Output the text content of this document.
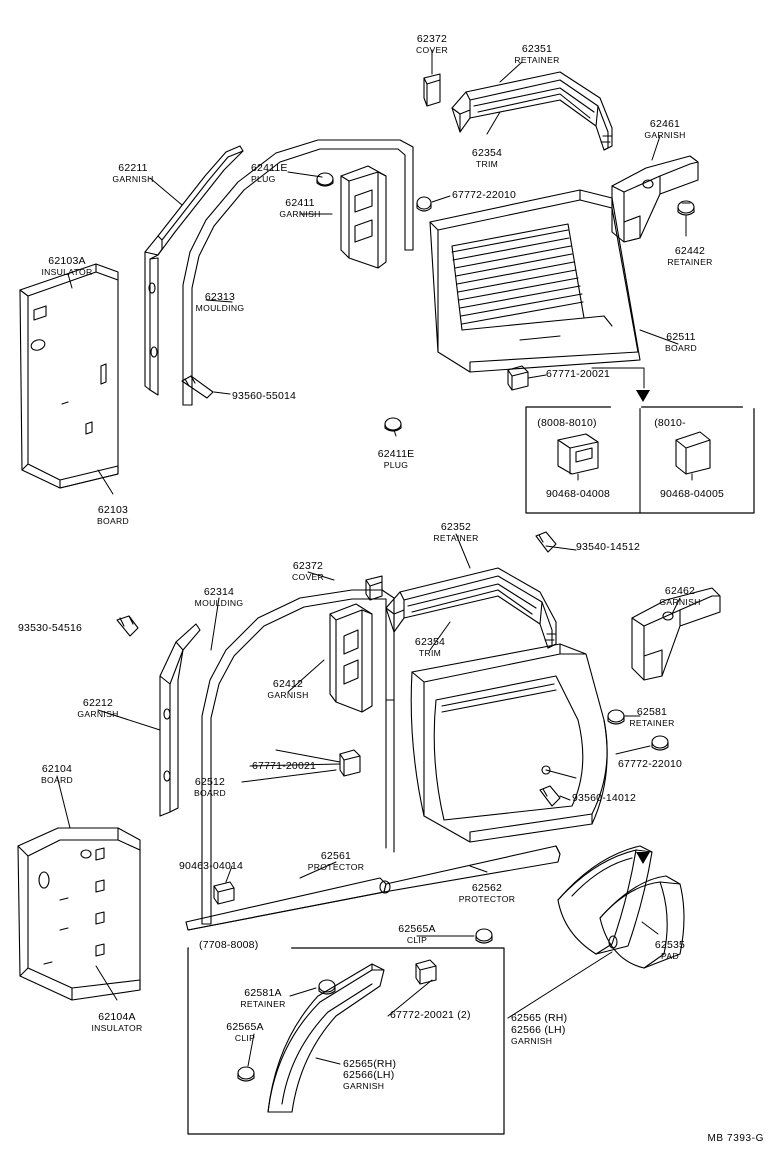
MB 7393-G
62372
COVER	62351
RETAINER
62461
GARNISH
62354
TRIM
62211
GARNISH
62411E
PLUG
62411
GARNISH
67772-22010
62442
RETAINER
62103A
INSULATOR
62313
MOULDING
62511
BOARD
93560-55014
67771-20021
62411E
PLUG
62103
BOARD
90468-04008	90468-04005
(8008-8010)	(8010-
62352
RETAINER
93540-14512
62372
COVER
62462
GARNISH
62314
MOULDING
62354
TRIM
93530-54516
62412
GARNISH
62212
GARNISH	62581
RETAINER
67772-22010
62104
BOARD
67771-20021
62512
BOARD	93560-14012
62561
PROTECTOR
90463-04014
62562
PROTECTOR
62535
PAD
62565A
CLIP
(7708-8008)
62104A
INSULATOR
62581A
RETAINER
62565A
CLIP
67772-20021 (2)
62565(RH)
62566(LH)
GARNISH
62565 (RH)
62566 (LH)
GARNISH
